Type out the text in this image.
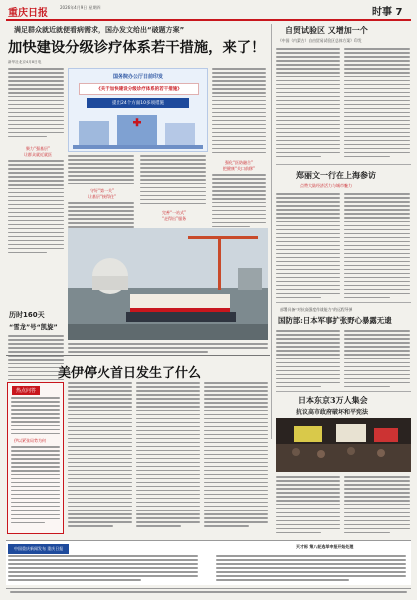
重庆日报
2026年4月9日 星期四	时事 7
满足群众就近就便看病需求，国办发文给出“破题方案”
加快建设分级诊疗体系若干措施，来了！
新华社北京4月8日电
聚力“强基层”
让群众就近就医
国务院办公厅日前印发
《关于加快建设分级诊疗体系的若干措施》
提出24个方面10多项措施
守好“第一关”
让基层“接得住”
完善“一站式”
“走得出”服务
强化“医防融合”
把健康“关口前移”
自贸试验区 又增加一个
《中国（内蒙古）自由贸易试验区总体方案》印发
郑丽文一行在上海参访
点赞大陆经济活力与城市魅力
部署具备“对抗高强度作战能力”的远程导弹
国防部:日本军事扩张野心暴露无遗
日本东京3万人集会
抗议高市政府破坏和平宪法
历时160天
“雪龙”号“凯旋”
美伊停火首日发生了什么
热点问答
伊以紧张局势为何
中国重庆新闻发布 重庆日报	天才标 第八轮选举申报开始处理
